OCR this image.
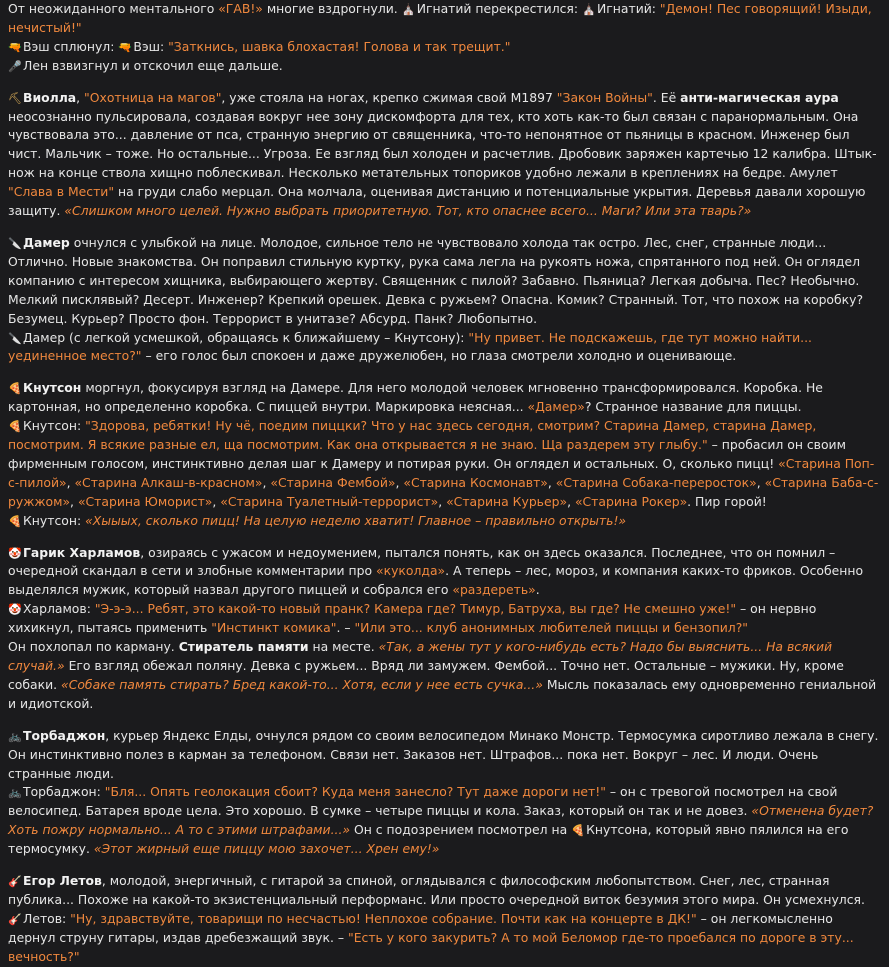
От неожиданного ментального «ГАВ!» многие вздрогнули. ⛪Игнатий перекрестился: ⛪Игнатий: "Демон! Пес говорящий! Изыди, нечистый!"

🔫Вэш сплюнул: 🔫Вэш: "Заткнись, шавка блохастая! Голова и так трещит."

🎤Лен взвизгнул и отскочил еще дальше.

⛏Виолла, "Охотница на магов", уже стояла на ногах, крепко сжимая свой M1897 "Закон Войны". Её анти-магическая аура неосознанно пульсировала, создавая вокруг нее зону дискомфорта для тех, кто хоть как-то был связан с паранормальным. Она чувствовала это... давление от пса, странную энергию от священника, что-то непонятное от пьяницы в красном. Инженер был чист. Мальчик – тоже. Но остальные... Угроза. Ее взгляд был холоден и расчетлив. Дробовик заряжен картечью 12 калибра. Штык-нож на конце ствола хищно поблескивал. Несколько метательных топориков удобно лежали в креплениях на бедре. Амулет "Слава в Мести" на груди слабо мерцал. Она молчала, оценивая дистанцию и потенциальные укрытия. Деревья давали хорошую защиту. «Слишком много целей. Нужно выбрать приоритетную. Тот, кто опаснее всего... Маги? Или эта тварь?»

🔪Дамер очнулся с улыбкой на лице. Молодое, сильное тело не чувствовало холода так остро. Лес, снег, странные люди... Отлично. Новые знакомства. Он поправил стильную куртку, рука сама легла на рукоять ножа, спрятанного под ней. Он оглядел компанию с интересом хищника, выбирающего жертву. Священник с пилой? Забавно. Пьяница? Легкая добыча. Пес? Необычно. Мелкий писклявый? Десерт. Инженер? Крепкий орешек. Девка с ружьем? Опасна. Комик? Странный. Тот, что похож на коробку? Безумец. Курьер? Просто фон. Террорист в унитазе? Абсурд. Панк? Любопытно.

🔪Дамер (с легкой усмешкой, обращаясь к ближайшему – Кнутсону): "Ну привет. Не подскажешь, где тут можно найти... уединенное место?" – его голос был спокоен и даже дружелюбен, но глаза смотрели холодно и оценивающе.

🍕Кнутсон моргнул, фокусируя взгляд на Дамере. Для него молодой человек мгновенно трансформировался. Коробка. Не картонная, но определенно коробка. С пиццей внутри. Маркировка неясная... «Дамер»? Странное название для пиццы.

🍕Кнутсон: "Здорова, ребятки! Ну чё, поедим пиццки? Что у нас здесь сегодня, смотрим? Старина Дамер, старина Дамер, посмотрим. Я всякие разные ел, ща посмотрим. Как она открывается я не знаю. Ща раздерем эту глыбу." – пробасил он своим фирменным голосом, инстинктивно делая шаг к Дамеру и потирая руки. Он оглядел и остальных. О, сколько пицц! «Старина Поп-с-пилой», «Старина Алкаш-в-красном», «Старина Фембой», «Старина Космонавт», «Старина Собака-переросток», «Старина Баба-с-ружжом», «Старина Юморист», «Старина Туалетный-террорист», «Старина Курьер», «Старина Рокер». Пир горой!

🍕Кнутсон: «Хыыых, сколько пицц! На целую неделю хватит! Главное – правильно открыть!»

🤡Гарик Харламов, озираясь с ужасом и недоумением, пытался понять, как он здесь оказался. Последнее, что он помнил – очередной скандал в сети и злобные комментарии про «куколда». А теперь – лес, мороз, и компания каких-то фриков. Особенно выделялся мужик, который назвал другого пиццей и собрался его «раздерeть».

🤡Харламов: "Э-э-э... Ребят, это какой-то новый пранк? Камера где? Тимур, Батруха, вы где? Не смешно уже!" – он нервно хихикнул, пытаясь применить "Инстинкт комика". – "Или это... клуб анонимных любителей пиццы и бензопил?"

Он похлопал по карману. Стиратель памяти на месте. «Так, а жены тут у кого-нибудь есть? Надо бы выяснить... На всякий случай.» Его взгляд обежал поляну. Девка с ружьем... Вряд ли замужем. Фембой... Точно нет. Остальные – мужики. Ну, кроме собаки. «Собаке память стирать? Бред какой-то... Хотя, если у нее есть сучка...» Мысль показалась ему одновременно гениальной и идиотской.

🚲Торбаджон, курьер Яндекс Елды, очнулся рядом со своим велосипедом Минако Монстр. Термосумка сиротливо лежала в снегу. Он инстинктивно полез в карман за телефоном. Связи нет. Заказов нет. Штрафов... пока нет. Вокруг – лес. И люди. Очень странные люди.

🚲Торбаджон: "Бля... Опять геолокация сбоит? Куда меня занесло? Тут даже дороги нет!" – он с тревогой посмотрел на свой велосипед. Батарея вроде цела. Это хорошо. В сумке – четыре пиццы и кола. Заказ, который он так и не довез. «Отменена будет? Хоть пожру нормально... А то с этими штрафами...» Он с подозрением посмотрел на 🍕Кнутсона, который явно пялился на его термосумку. «Этот жирный еще пиццу мою захочет... Хрен ему!»

🎸Егор Летов, молодой, энергичный, с гитарой за спиной, оглядывался с философским любопытством. Снег, лес, странная публика... Похоже на какой-то экзистенциальный перформанс. Или просто очередной виток безумия этого мира. Он усмехнулся.

🎸Летов: "Ну, здравствуйте, товарищи по несчастью! Неплохое собрание. Почти как на концерте в ДК!" – он легкомысленно дернул струну гитары, издав дребезжащий звук. – "Есть у кого закурить? А то мой Беломор где-то проебался по дороге в эту... вечность?"
